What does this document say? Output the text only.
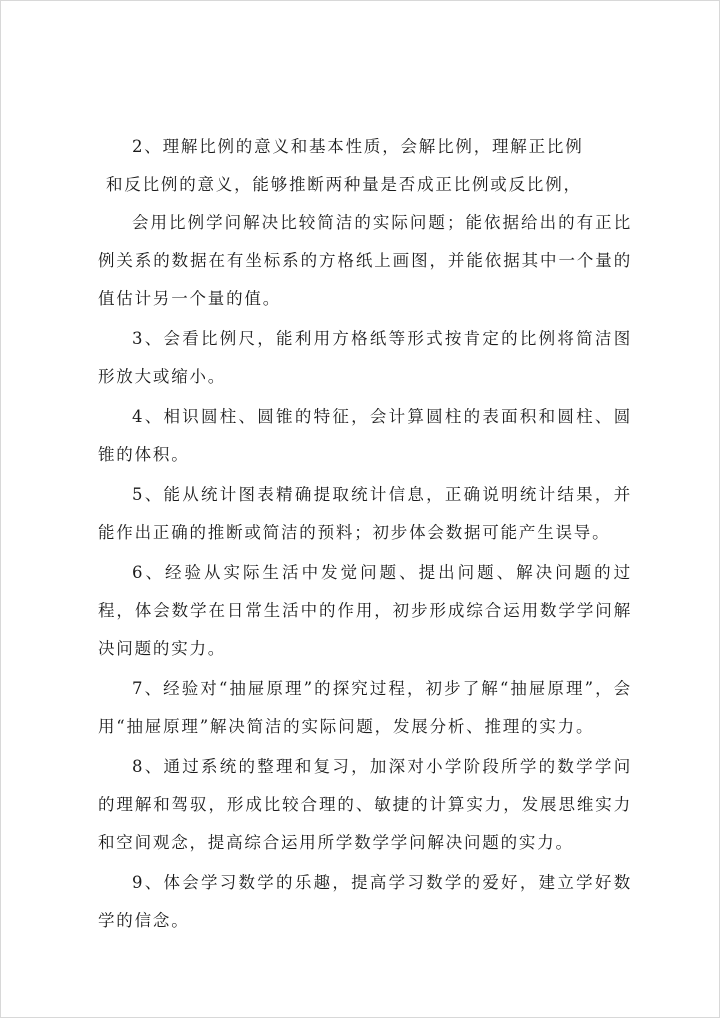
2、理解比例的意义和基本性质，会解比例，理解正比例
和反比例的意义，能够推断两种量是否成正比例或反比例，

会用比例学问解决比较简洁的实际问题；能依据给出的有正比例关系的数据在有坐标系的方格纸上画图，并能依据其中一个量的值估计另一个量的值。

3、会看比例尺，能利用方格纸等形式按肯定的比例将简洁图形放大或缩小。

4、相识圆柱、圆锥的特征，会计算圆柱的表面积和圆柱、圆锥的体积。

5、能从统计图表精确提取统计信息，正确说明统计结果，并能作出正确的推断或简洁的预料；初步体会数据可能产生误导。

6、经验从实际生活中发觉问题、提出问题、解决问题的过程，体会数学在日常生活中的作用，初步形成综合运用数学学问解决问题的实力。

7、经验对“抽屉原理”的探究过程，初步了解“抽屉原理”，会用“抽屉原理”解决简洁的实际问题，发展分析、推理的实力。

8、通过系统的整理和复习，加深对小学阶段所学的数学学问的理解和驾驭，形成比较合理的、敏捷的计算实力，发展思维实力和空间观念，提高综合运用所学数学学问解决问题的实力。

9、体会学习数学的乐趣，提高学习数学的爱好，建立学好数学的信念。
